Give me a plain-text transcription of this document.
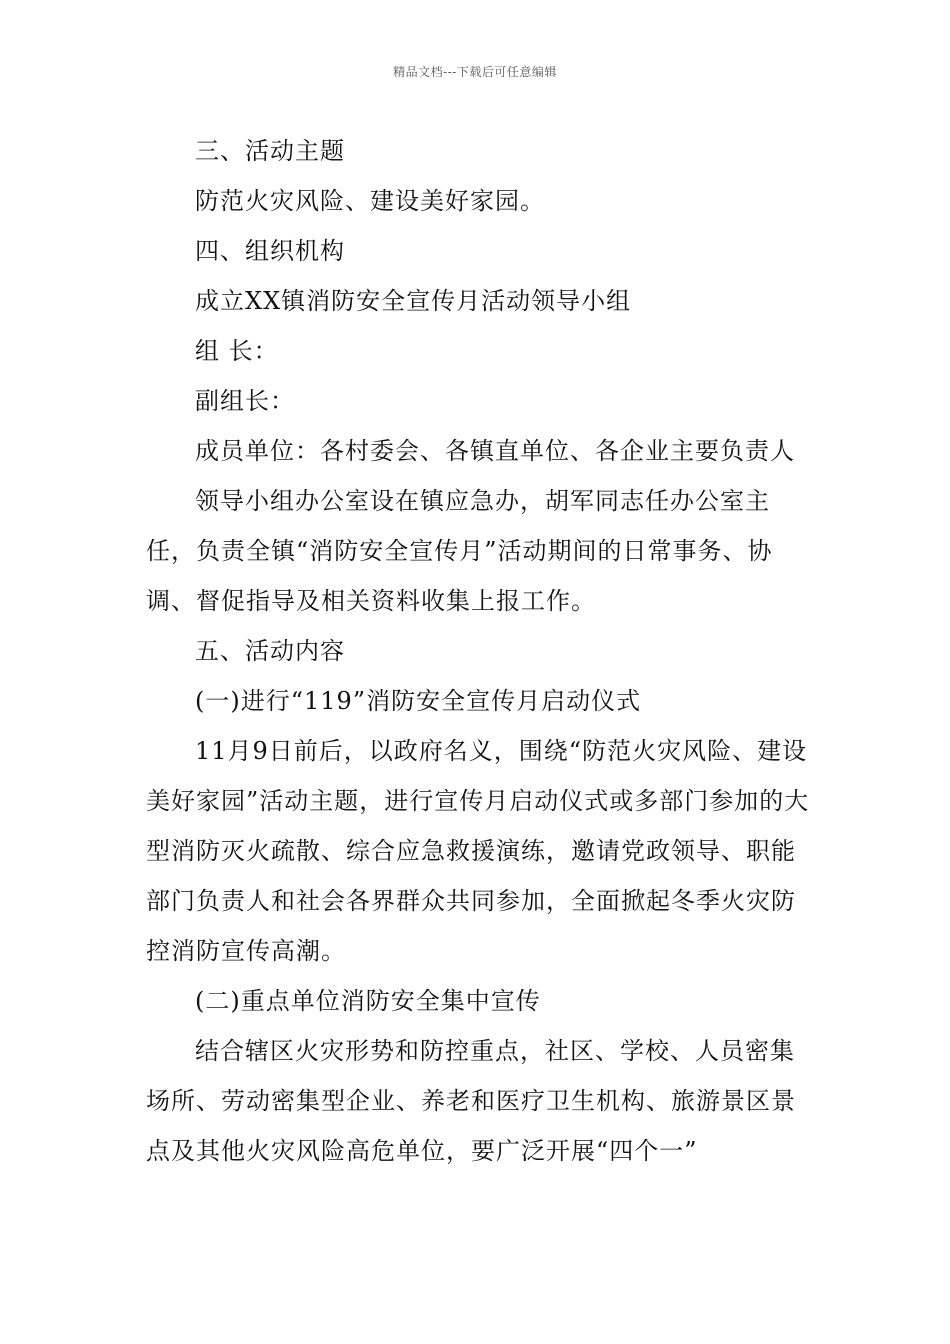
精品文档---下载后可任意编辑

三、活动主题

防范火灾风险、建设美好家园。

四、组织机构

成立XX镇消防安全宣传月活动领导小组

组 长：

副组长：

成员单位：各村委会、各镇直单位、各企业主要负责人

领导小组办公室设在镇应急办，胡军同志任办公室主任，负责全镇“消防安全宣传月”活动期间的日常事务、协调、督促指导及相关资料收集上报工作。

五、活动内容

(一)进行“119”消防安全宣传月启动仪式

11月9日前后，以政府名义，围绕“防范火灾风险、建设美好家园”活动主题，进行宣传月启动仪式或多部门参加的大型消防灭火疏散、综合应急救援演练，邀请党政领导、职能部门负责人和社会各界群众共同参加，全面掀起冬季火灾防控消防宣传高潮。

(二)重点单位消防安全集中宣传

结合辖区火灾形势和防控重点，社区、学校、人员密集场所、劳动密集型企业、养老和医疗卫生机构、旅游景区景点及其他火灾风险高危单位，要广泛开展“四个一”
